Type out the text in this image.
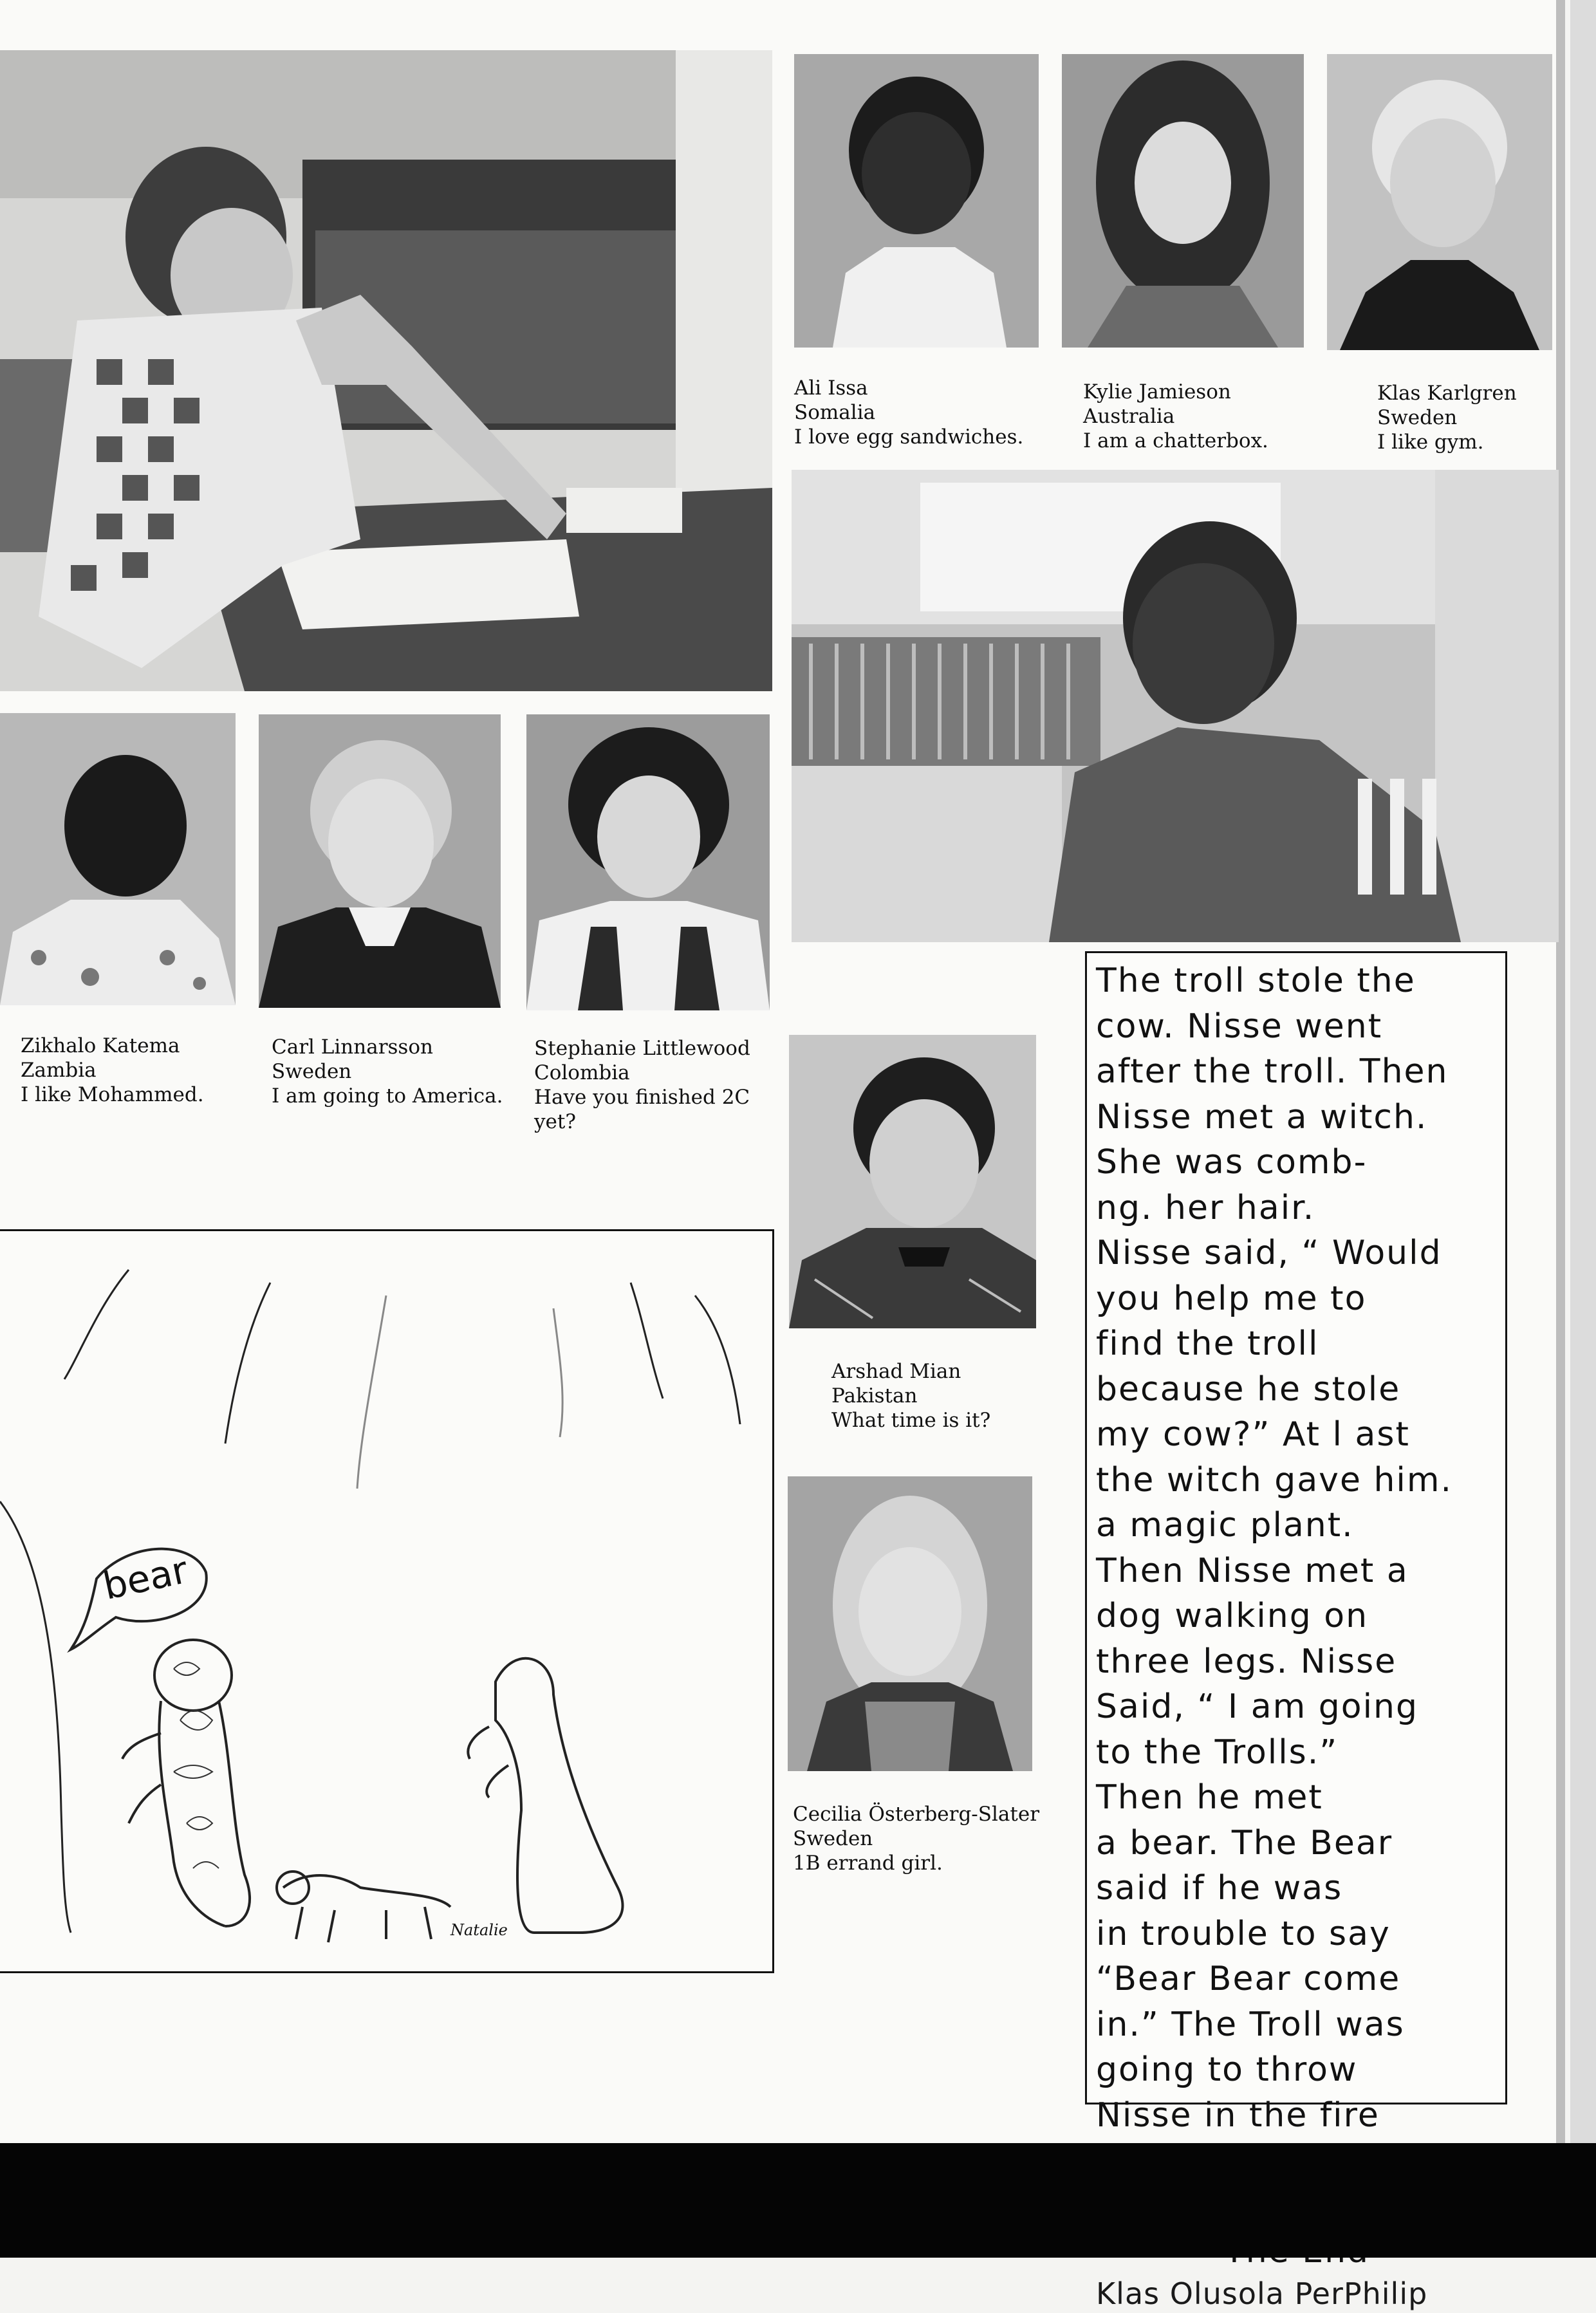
Ali Issa
Somalia
I love egg sandwiches.
Kylie Jamieson
Australia
I am a chatterbox.
Klas Karlgren
Sweden
I like gym.
Zikhalo Katema
Zambia
I like Mohammed.
Carl Linnarsson
Sweden
I am going to America.
Stephanie Littlewood
Colombia
Have you finished 2C yet?
Arshad Mian
Pakistan
What time is it?
Cecilia Österberg-Slater
Sweden
1B errand girl.
bear
Natalie
The troll stole the
cow. Nisse went
after the troll. Then
Nisse met a witch.
She was comb-
ng. her hair.
Nisse said, “ Would
you help me to
find the troll
because he stole
my cow?” At l ast
the witch gave him.
a magic plant.
Then Nisse met a
dog walking on
three legs. Nisse
Said, “ I am going
to the Trolls.”
Then he met
a bear. The Bear
said if he was
in trouble to say
“Bear Bear come
in.” The Troll was
going to throw
Nisse in the fire
Klas Olusola PerPhilip
